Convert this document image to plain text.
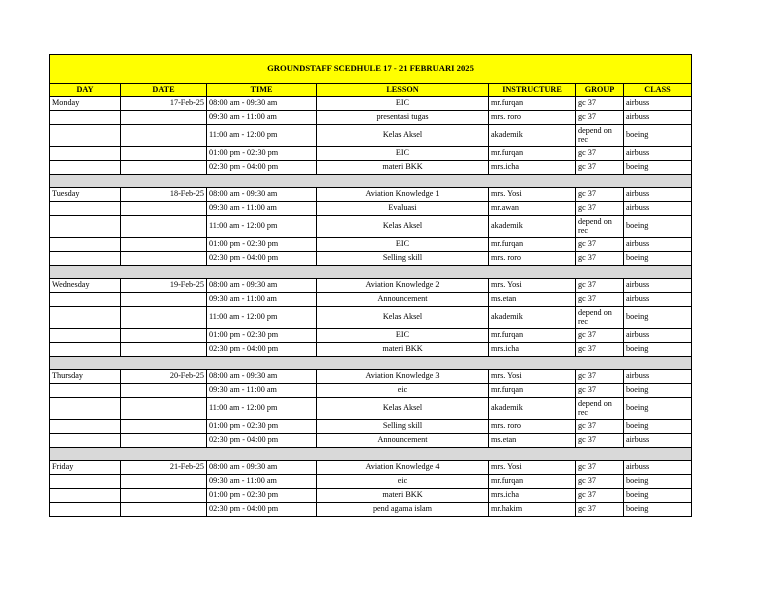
GROUNDSTAFF SCEDHULE 17 - 21 FEBRUARI 2025						
DAY	DATE	TIME	LESSON	INSTRUCTURE	GROUP	CLASS
Monday	17-Feb-25	08:00 am - 09:30 am	EIC	mr.furqan	gc 37	airbuss
		09:30 am - 11:00 am	presentasi tugas	mrs. roro	gc 37	airbuss
		11:00 am - 12:00 pm	Kelas Aksel	akademik	depend on rec	boeing
		01:00 pm - 02:30 pm	EIC	mr.furqan	gc 37	airbuss
		02:30 pm - 04:00 pm	materi BKK	mrs.icha	gc 37	boeing

Tuesday	18-Feb-25	08:00 am - 09:30 am	Aviation Knowledge 1	mrs. Yosi	gc 37	airbuss
		09:30 am - 11:00 am	Evaluasi	mr.awan	gc 37	airbuss
		11:00 am - 12:00 pm	Kelas Aksel	akademik	depend on rec	boeing
		01:00 pm - 02:30 pm	EIC	mr.furqan	gc 37	airbuss
		02:30 pm - 04:00 pm	Selling skill	mrs. roro	gc 37	boeing

Wednesday	19-Feb-25	08:00 am - 09:30 am	Aviation Knowledge 2	mrs. Yosi	gc 37	airbuss
		09:30 am - 11:00 am	Announcement	ms.etan	gc 37	airbuss
		11:00 am - 12:00 pm	Kelas Aksel	akademik	depend on rec	boeing
		01:00 pm - 02:30 pm	EIC	mr.furqan	gc 37	airbuss
		02:30 pm - 04:00 pm	materi BKK	mrs.icha	gc 37	boeing

Thursday	20-Feb-25	08:00 am - 09:30 am	Aviation Knowledge 3	mrs. Yosi	gc 37	airbuss
		09:30 am - 11:00 am	eic	mr.furqan	gc 37	boeing
		11:00 am - 12:00 pm	Kelas Aksel	akademik	depend on rec	boeing
		01:00 pm - 02:30 pm	Selling skill	mrs. roro	gc 37	boeing
		02:30 pm - 04:00 pm	Announcement	ms.etan	gc 37	airbuss

Friday	21-Feb-25	08:00 am - 09:30 am	Aviation Knowledge 4	mrs. Yosi	gc 37	airbuss
		09:30 am - 11:00 am	eic	mr.furqan	gc 37	boeing
		01:00 pm - 02:30 pm	materi BKK	mrs.icha	gc 37	boeing
		02:30 pm - 04:00 pm	pend agama islam	mr.hakim	gc 37	boeing
